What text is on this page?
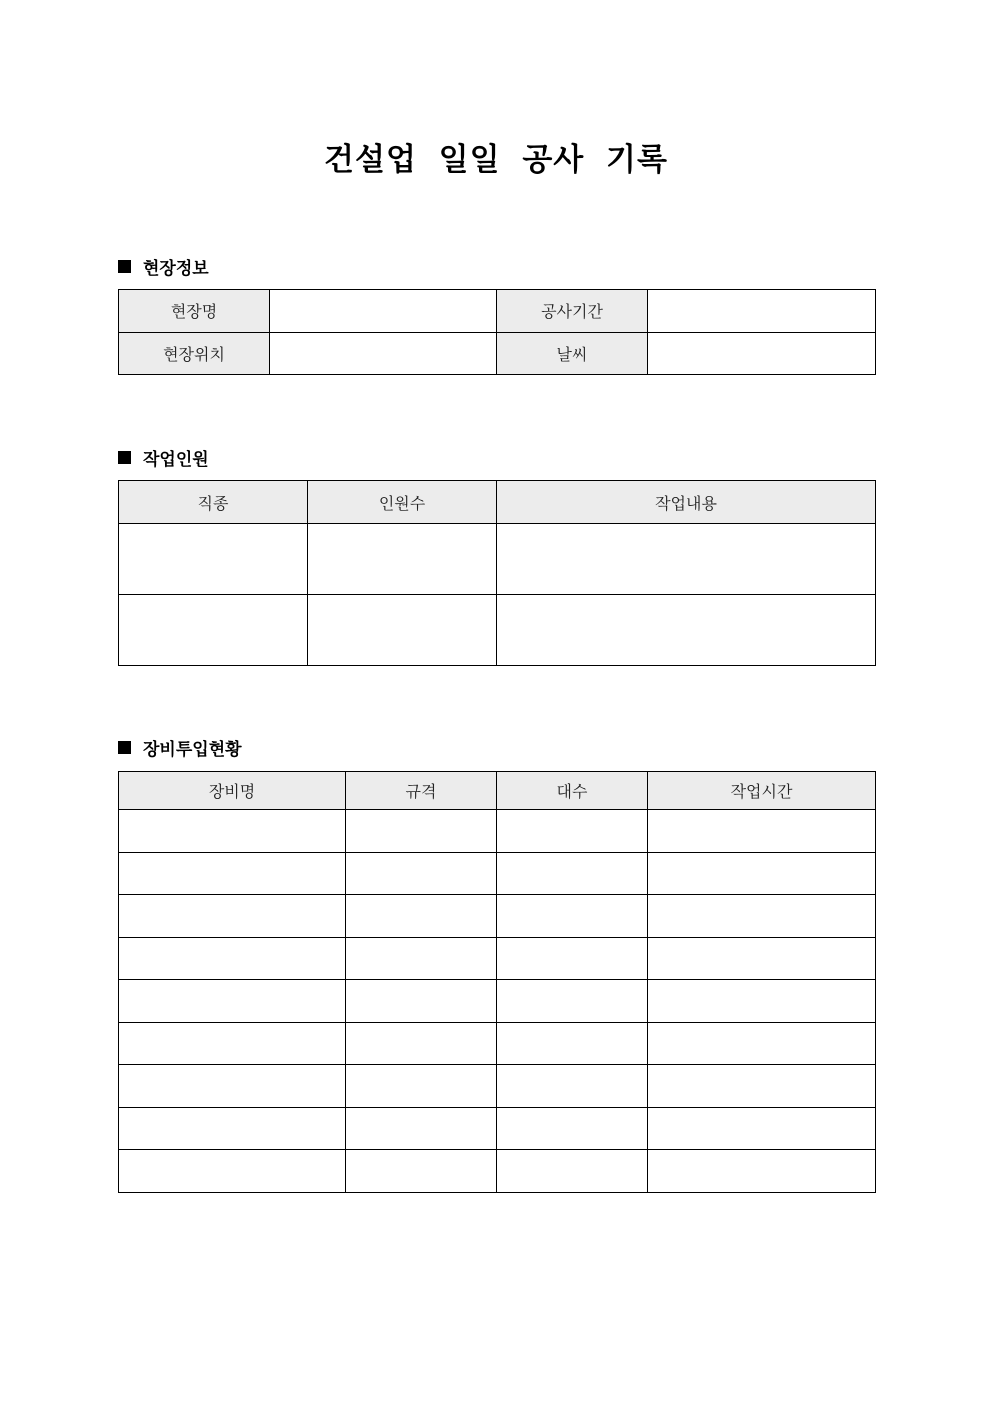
건설업 일일 공사 기록
현장정보
현장명		공사기간	
현장위치		날씨	
작업인원
직종	인원수	작업내용

장비투입현황
장비명	규격	대수	작업시간
